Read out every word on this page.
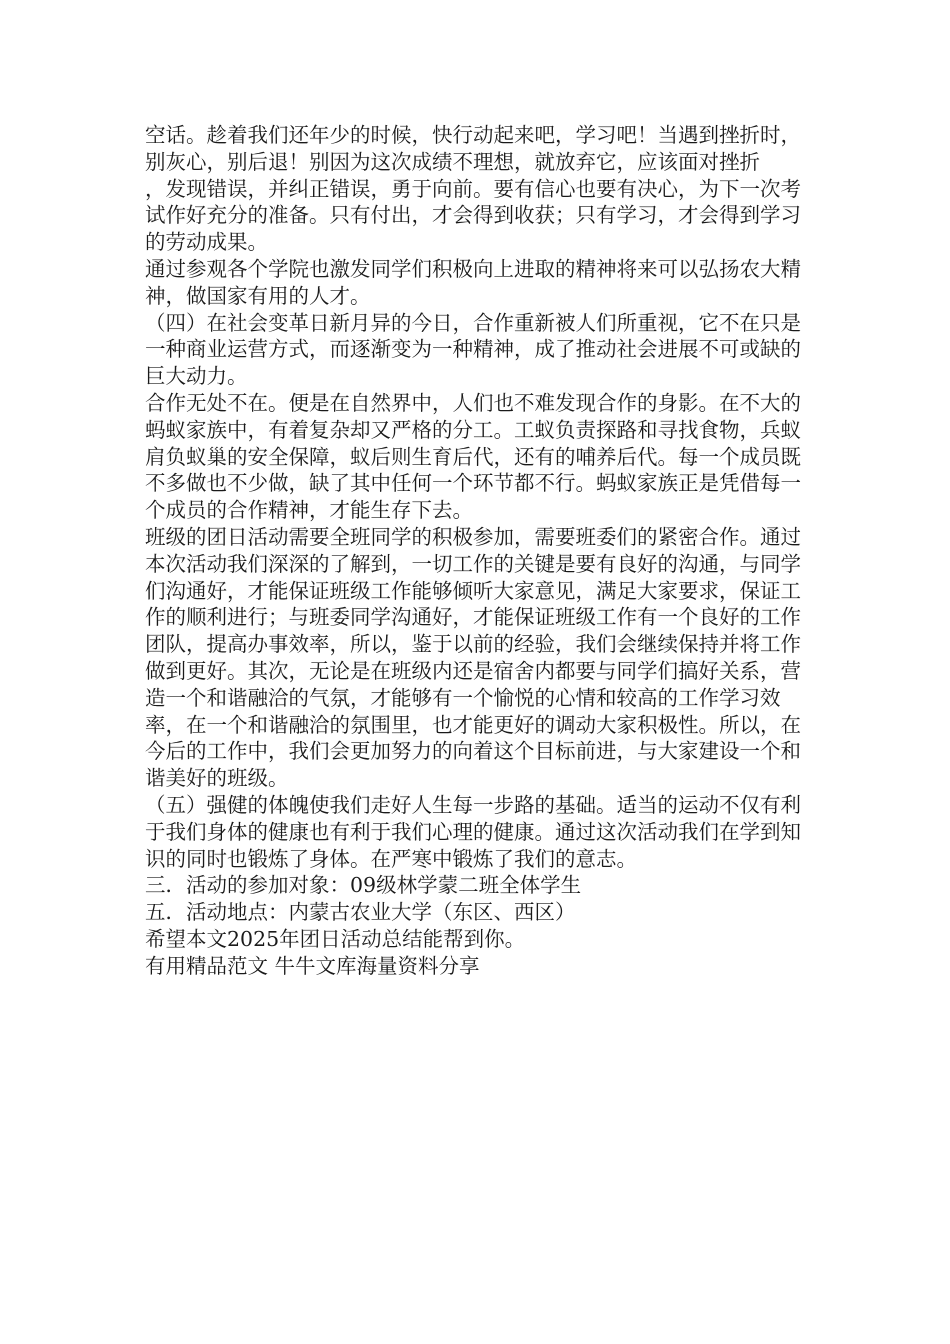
空话。趁着我们还年少的时候，快行动起来吧，学习吧！当遇到挫折时，别灰心，别后退！别因为这次成绩不理想，就放弃它，应该面对挫折

，发现错误，并纠正错误，勇于向前。要有信心也要有决心，为下一次考试作好充分的准备。只有付出，才会得到收获；只有学习，才会得到学习的劳动成果。

通过参观各个学院也激发同学们积极向上进取的精神将来可以弘扬农大精神，做国家有用的人才。

（四）在社会变革日新月异的今日，合作重新被人们所重视，它不在只是一种商业运营方式，而逐渐变为一种精神，成了推动社会进展不可或缺的巨大动力。

合作无处不在。便是在自然界中，人们也不难发现合作的身影。在不大的蚂蚁家族中，有着复杂却又严格的分工。工蚁负责探路和寻找食物，兵蚁肩负蚁巢的安全保障，蚁后则生育后代，还有的哺养后代。每一个成员既不多做也不少做，缺了其中任何一个环节都不行。蚂蚁家族正是凭借每一个成员的合作精神，才能生存下去。

班级的团日活动需要全班同学的积极参加，需要班委们的紧密合作。通过本次活动我们深深的了解到，一切工作的关键是要有良好的沟通，与同学们沟通好，才能保证班级工作能够倾听大家意见，满足大家要求，保证工作的顺利进行；与班委同学沟通好，才能保证班级工作有一个良好的工作团队，提高办事效率，所以，鉴于以前的经验，我们会继续保持并将工作做到更好。其次，无论是在班级内还是宿舍内都要与同学们搞好关系，营造一个和谐融洽的气氛，才能够有一个愉悦的心情和较高的工作学习效率，在一个和谐融洽的氛围里，也才能更好的调动大家积极性。所以，在今后的工作中，我们会更加努力的向着这个目标前进，与大家建设一个和谐美好的班级。

（五）强健的体魄使我们走好人生每一步路的基础。适当的运动不仅有利于我们身体的健康也有利于我们心理的健康。通过这次活动我们在学到知识的同时也锻炼了身体。在严寒中锻炼了我们的意志。

三．活动的参加对象：09级林学蒙二班全体学生

五．活动地点：内蒙古农业大学（东区、西区）

希望本文2025年团日活动总结能帮到你。

有用精品范文 牛牛文库海量资料分享
